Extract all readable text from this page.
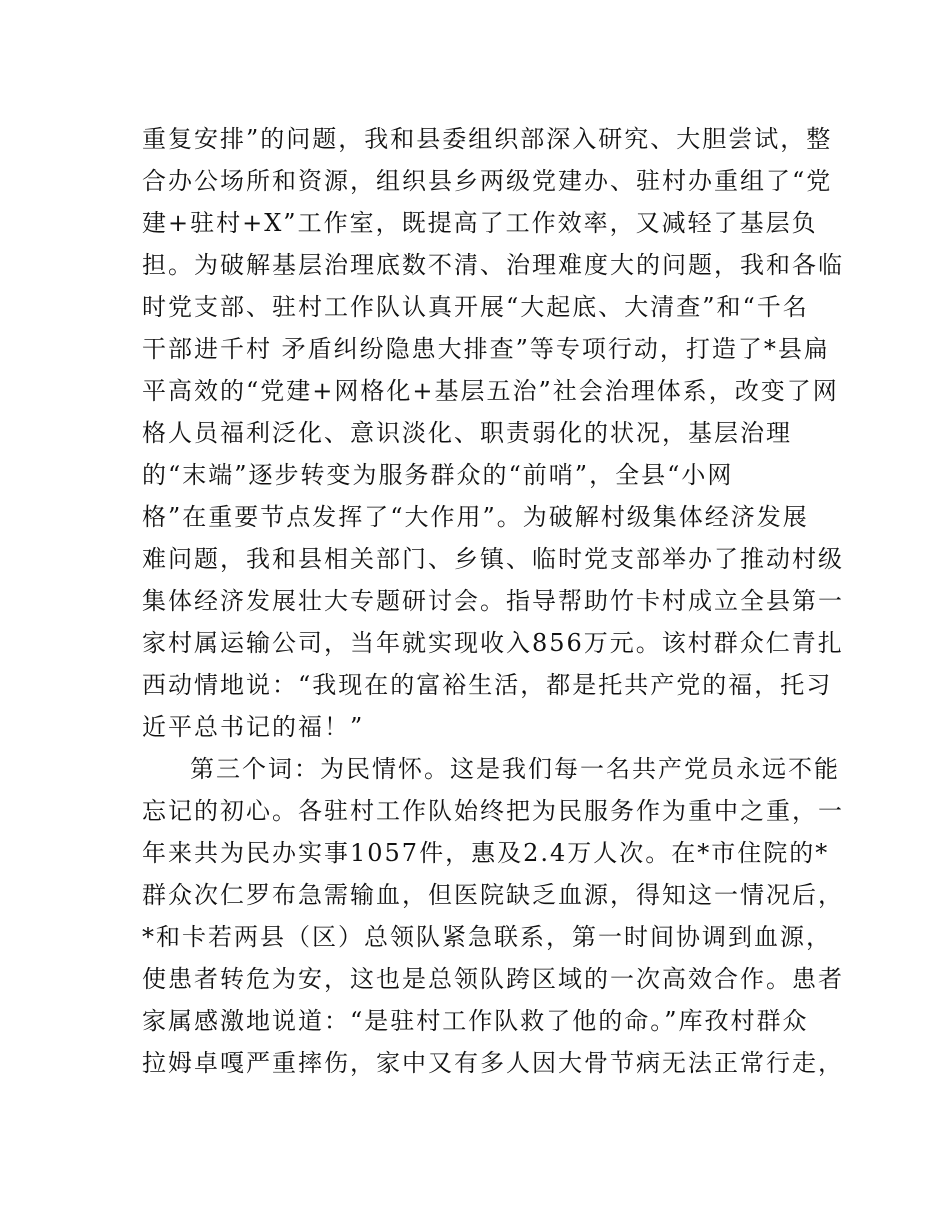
重复安排”的问题，我和县委组织部深入研究、大胆尝试，整
合办公场所和资源，组织县乡两级党建办、驻村办重组了“党
建+驻村+X”工作室，既提高了工作效率，又减轻了基层负
担。为破解基层治理底数不清、治理难度大的问题，我和各临
时党支部、驻村工作队认真开展“大起底、大清查”和“千名
干部进千村 矛盾纠纷隐患大排查”等专项行动，打造了*县扁
平高效的“党建+网格化+基层五治”社会治理体系，改变了网
格人员福利泛化、意识淡化、职责弱化的状况，基层治理
的“末端”逐步转变为服务群众的“前哨”，全县“小网
格”在重要节点发挥了“大作用”。为破解村级集体经济发展
难问题，我和县相关部门、乡镇、临时党支部举办了推动村级
集体经济发展壮大专题研讨会。指导帮助竹卡村成立全县第一
家村属运输公司，当年就实现收入856万元。该村群众仁青扎
西动情地说：“我现在的富裕生活，都是托共产党的福，托习
近平总书记的福！”
第三个词：为民情怀。这是我们每一名共产党员永远不能
忘记的初心。各驻村工作队始终把为民服务作为重中之重，一
年来共为民办实事1057件，惠及2.4万人次。在*市住院的*
群众次仁罗布急需输血，但医院缺乏血源，得知这一情况后，
*和卡若两县（区）总领队紧急联系，第一时间协调到血源，
使患者转危为安，这也是总领队跨区域的一次高效合作。患者
家属感激地说道：“是驻村工作队救了他的命。”库孜村群众
拉姆卓嘎严重摔伤，家中又有多人因大骨节病无法正常行走，
